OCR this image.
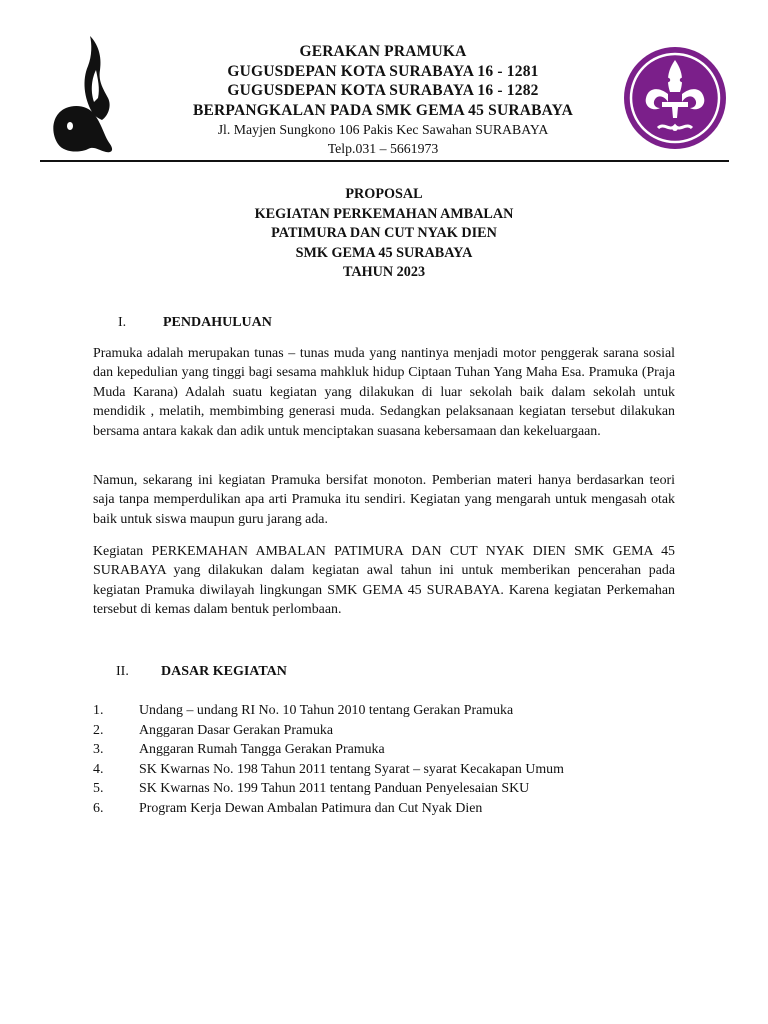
GERAKAN PRAMUKA
GUGUSDEPAN KOTA SURABAYA 16 - 1281
GUGUSDEPAN KOTA SURABAYA 16 - 1282
BERPANGKALAN PADA SMK GEMA 45 SURABAYA
Jl. Mayjen Sungkono 106 Pakis Kec Sawahan SURABAYA
Telp.031 – 5661973
PROPOSAL
KEGIATAN PERKEMAHAN AMBALAN
PATIMURA DAN CUT NYAK DIEN
SMK GEMA 45 SURABAYA
TAHUN 2023
I.	PENDAHULUAN
Pramuka adalah merupakan tunas – tunas muda yang nantinya menjadi motor penggerak sarana sosial dan kepedulian yang tinggi bagi sesama mahkluk hidup Ciptaan Tuhan Yang Maha Esa. Pramuka (Praja Muda Karana) Adalah suatu kegiatan yang dilakukan di luar sekolah baik dalam sekolah untuk mendidik , melatih, membimbing generasi muda. Sedangkan pelaksanaan kegiatan tersebut dilakukan bersama antara kakak dan adik untuk menciptakan suasana kebersamaan dan kekeluargaan.
Namun, sekarang ini kegiatan Pramuka bersifat monoton. Pemberian materi hanya berdasarkan teori saja tanpa memperdulikan apa arti Pramuka itu sendiri. Kegiatan yang mengarah untuk mengasah otak baik untuk siswa maupun guru jarang ada.
Kegiatan PERKEMAHAN AMBALAN PATIMURA DAN CUT NYAK DIEN SMK GEMA 45 SURABAYA yang dilakukan dalam kegiatan awal tahun ini untuk memberikan pencerahan pada kegiatan Pramuka diwilayah lingkungan SMK GEMA 45 SURABAYA. Karena kegiatan Perkemahan tersebut di kemas dalam bentuk perlombaan.
II. DASAR KEGIATAN
1.	Undang – undang RI No. 10 Tahun 2010 tentang Gerakan Pramuka
2.	Anggaran Dasar Gerakan Pramuka
3.	Anggaran Rumah Tangga Gerakan Pramuka
4.	SK Kwarnas No. 198 Tahun 2011 tentang Syarat – syarat Kecakapan Umum
5.	SK Kwarnas No. 199 Tahun 2011 tentang Panduan Penyelesaian SKU
6.	Program Kerja Dewan Ambalan Patimura dan Cut Nyak Dien
